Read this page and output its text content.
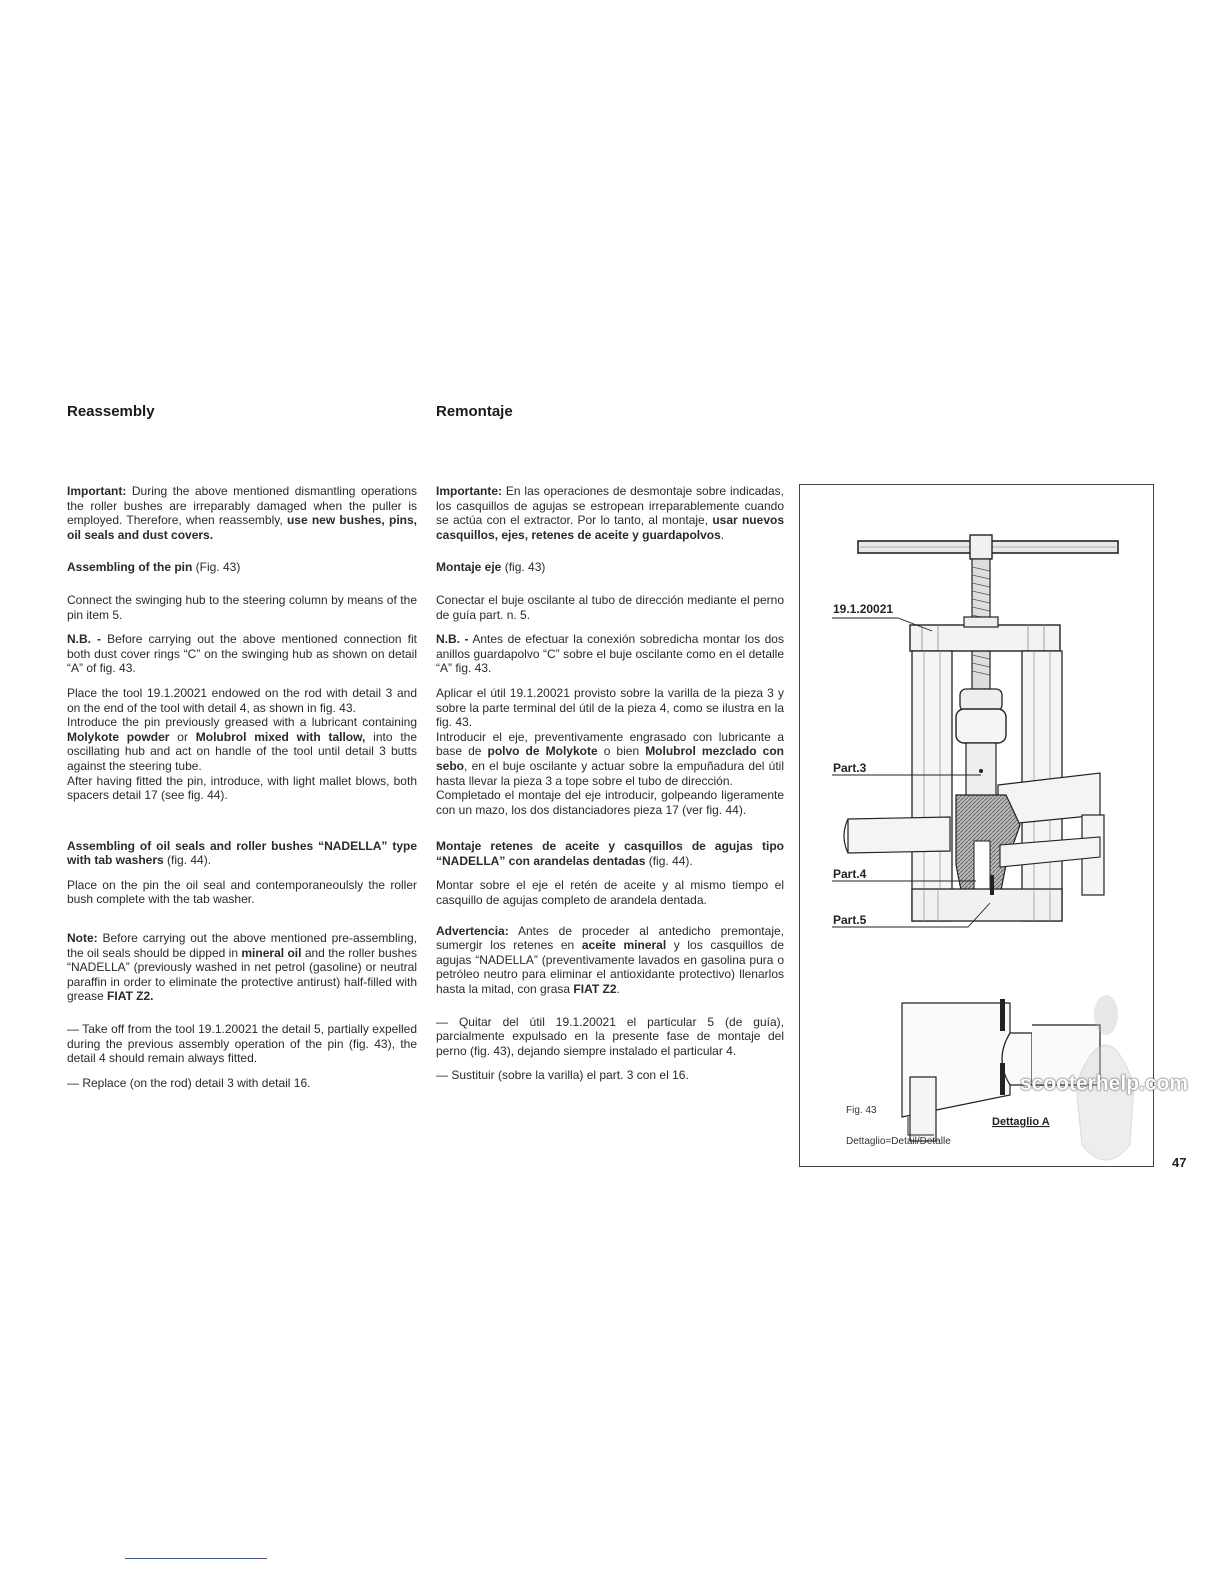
Reassembly	Remontaje

Important: During the above mentioned dismantling operations the roller bushes are irreparably damaged when the puller is employed. Therefore, when reassembly, use new bushes, pins, oil seals and dust covers.

Assembling of the pin (Fig. 43)

Connect the swinging hub to the steering column by means of the pin item 5.

N.B. - Before carrying out the above mentioned connection fit both dust cover rings “C” on the swinging hub as shown on detail “A” of fig. 43.

Place the tool 19.1.20021 endowed on the rod with detail 3 and on the end of the tool with detail 4, as shown in fig. 43.

Introduce the pin previously greased with a lubricant containing Molykote powder or Molubrol mixed with tallow, into the oscillating hub and act on handle of the tool until detail 3 butts against the steering tube.

After having fitted the pin, introduce, with light mallet blows, both spacers detail 17 (see fig. 44).

Assembling of oil seals and roller bushes “NADELLA” type with tab washers (fig. 44).

Place on the pin the oil seal and contemporaneoulsly the roller bush complete with the tab washer.

Note: Before carrying out the above mentioned pre-assembling, the oil seals should be dipped in mineral oil and the roller bushes “NADELLA” (previously washed in net petrol (gasoline) or neutral paraffin in order to eliminate the protective antirust) half-filled with grease FIAT Z2.

— Take off from the tool 19.1.20021 the detail 5, partially expelled during the previous assembly operation of the pin (fig. 43), the detail 4 should remain always fitted.

— Replace (on the rod) detail 3 with detail 16.

Importante: En las operaciones de desmontaje sobre indicadas, los casquillos de agujas se estropean irreparablemente cuando se actúa con el extractor. Por lo tanto, al montaje, usar nuevos casquillos, ejes, retenes de aceite y guardapolvos.

Montaje eje (fig. 43)

Conectar el buje oscilante al tubo de dirección mediante el perno de guía part. n. 5.

N.B. - Antes de efectuar la conexión sobredicha montar los dos anillos guardapolvo “C” sobre el buje oscilante como en el detalle “A” fig. 43.

Aplicar el útil 19.1.20021 provisto sobre la varilla de la pieza 3 y sobre la parte terminal del útil de la pieza 4, como se ilustra en la fig. 43.

Introducir el eje, preventivamente engrasado con lubricante a base de polvo de Molykote o bien Molubrol mezclado con sebo, en el buje oscilante y actuar sobre la empuñadura del útil hasta llevar la pieza 3 a tope sobre el tubo de dirección.

Completado el montaje del eje introducir, golpeando ligeramente con un mazo, los dos distanciadores pieza 17 (ver fig. 44).

Montaje retenes de aceite y casquillos de agujas tipo “NADELLA” con arandelas dentadas (fig. 44).

Montar sobre el eje el retén de aceite y al mismo tiempo el casquillo de agujas completo de arandela dentada.

Advertencia: Antes de proceder al antedicho premontaje, sumergir los retenes en aceite mineral y los casquillos de agujas “NADELLA” (preventivamente lavados en gasolina pura o petróleo neutro para eliminar el antioxidante protectivo) llenarlos hasta la mitad, con grasa FIAT Z2.

— Quitar del útil 19.1.20021 el particular 5 (de guía), parcialmente expulsado en la presente fase de montaje del perno (fig. 43), dejando siempre instalado el particular 4.

— Sustituir (sobre la varilla) el part. 3 con el 16.

19.1.20021
Part.3
Part.4
Part.5
Dettaglio A
Fig. 43
Dettaglio=Detail/Detalle
scooterhelp.com
47
